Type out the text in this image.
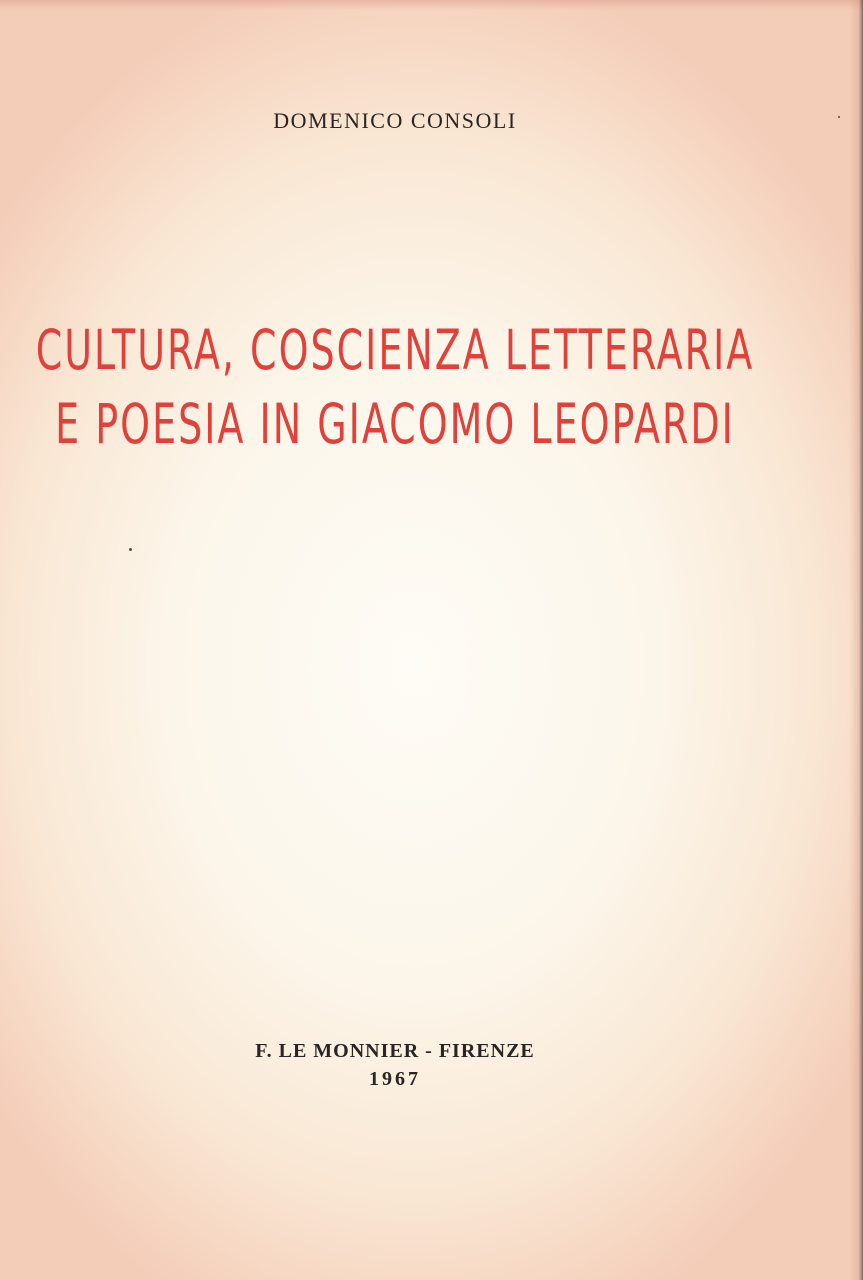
DOMENICO CONSOLI
CULTURA, COSCIENZA LETTERARIA
E POESIA IN GIACOMO LEOPARDI
F. LE MONNIER - FIRENZE
1967
